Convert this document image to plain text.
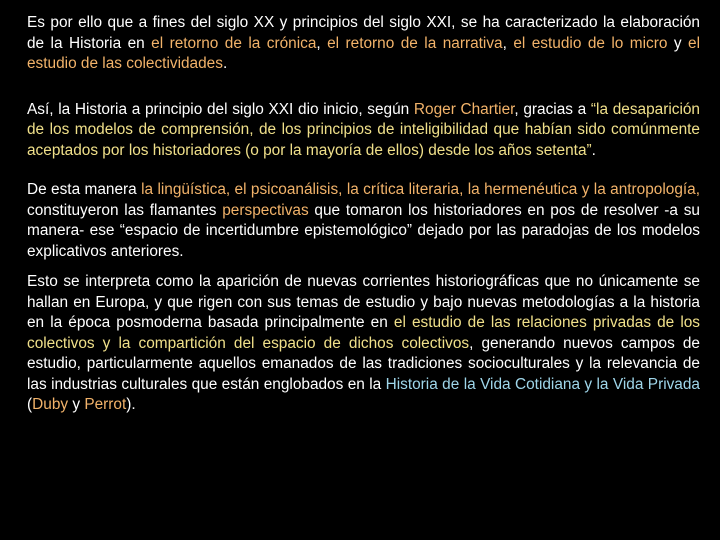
Es por ello que a fines del siglo XX y principios del siglo XXI, se ha caracterizado la elaboración de la Historia en el retorno de la crónica, el retorno de la narrativa, el estudio de lo micro y el estudio de las colectividades.

Así, la Historia a principio del siglo XXI dio inicio, según Roger Chartier, gracias a “la desaparición de los modelos de comprensión, de los principios de inteligibilidad que habían sido comúnmente aceptados por los historiadores (o por la mayoría de ellos) desde los años setenta”.

De esta manera la lingüística, el psicoanálisis, la crítica literaria, la hermenéutica y la antropología, constituyeron las flamantes perspectivas que tomaron los historiadores en pos de resolver -a su manera- ese “espacio de incertidumbre epistemológico” dejado por las paradojas de los modelos explicativos anteriores.

Esto se interpreta como la aparición de nuevas corrientes historiográficas que no únicamente se hallan en Europa, y que rigen con sus temas de estudio y bajo nuevas metodologías a la historia en la época posmoderna basada principalmente en el estudio de las relaciones privadas de los colectivos y la compartición del espacio de dichos colectivos, generando nuevos campos de estudio, particularmente aquellos emanados de las tradiciones socioculturales y la relevancia de las industrias culturales que están englobados en la Historia de la Vida Cotidiana y la Vida Privada (Duby y Perrot).
